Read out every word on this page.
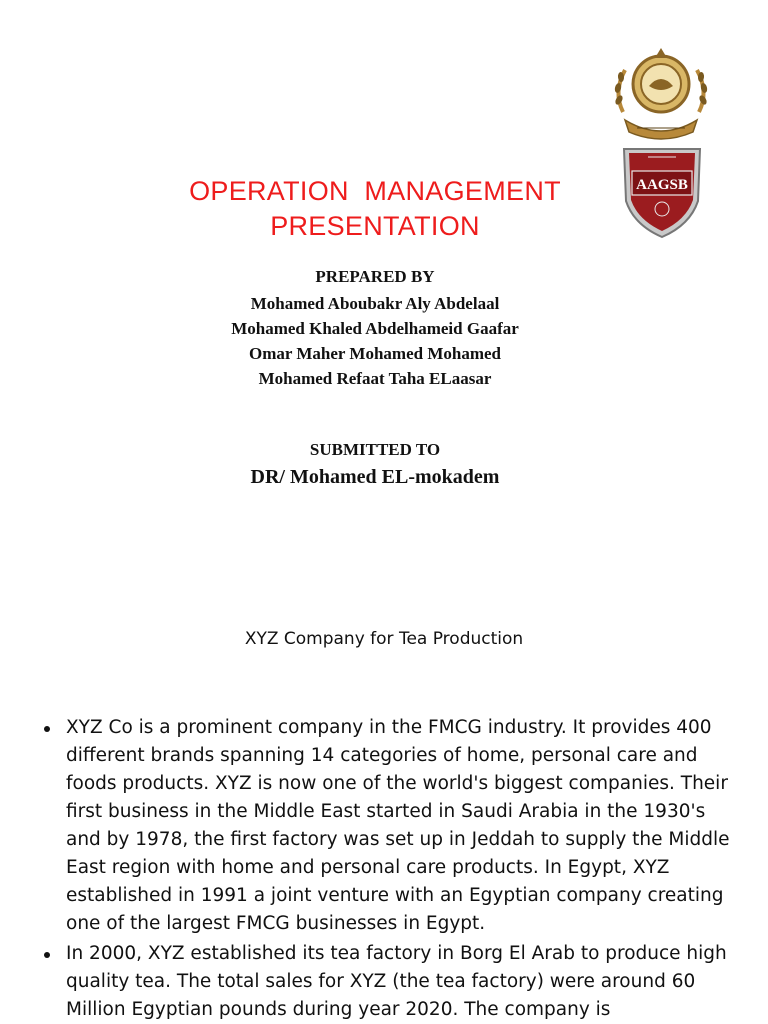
OPERATION  MANAGEMENT
PRESENTATION
PREPARED BY
Mohamed Aboubakr Aly Abdelaal
Mohamed Khaled Abdelhameid Gaafar
Omar Maher Mohamed Mohamed
Mohamed Refaat Taha ELaasar
SUBMITTED TO
DR/ Mohamed EL-mokadem
AAGSB
XYZ Company for Tea Production
XYZ Co is a prominent company in the FMCG industry. It provides 400 different brands spanning 14 categories of home, personal care and foods products. XYZ is now one of the world's biggest companies. Their first business in the Middle East started in Saudi Arabia in the 1930's and by 1978, the first factory was set up in Jeddah to supply the Middle East region with home and personal care products. In Egypt, XYZ established in 1991 a joint venture with an Egyptian company creating one of the largest FMCG businesses in Egypt.
In 2000, XYZ established its tea factory in Borg El Arab to produce high quality tea. The total sales for XYZ (the tea factory) were around 60 Million Egyptian pounds during year 2020. The company is
